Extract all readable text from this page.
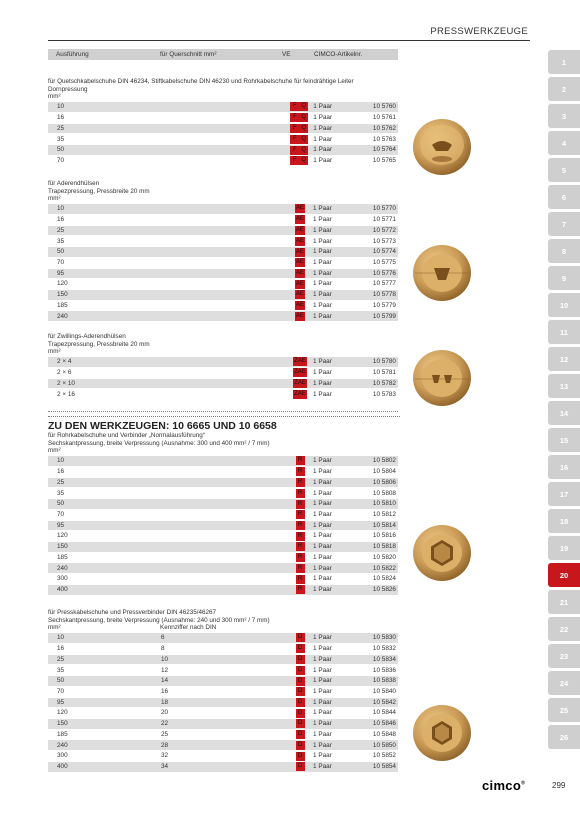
PRESSWERKZEUGE
Ausführung	für Querschnitt mm²	VE	CIMCO-Artikelnr.
für Quetschkabelschuhe DIN 46234, Stiftkabelschuhe DIN 46230 und Rohrkabelschuhe für feindrähtige Leiter
Dornpressung
mm²
10			F Q	1 Paar	10 5760
16			F Q	1 Paar	10 5761
25			F Q	1 Paar	10 5762
35			F Q	1 Paar	10 5763
50			F Q	1 Paar	10 5764
70			F Q	1 Paar	10 5765
für Aderendhülsen
Trapezpressung, Pressbreite 20 mm
mm²
10			AE	1 Paar	10 5770
16			AE	1 Paar	10 5771
25			AE	1 Paar	10 5772
35			AE	1 Paar	10 5773
50			AE	1 Paar	10 5774
70			AE	1 Paar	10 5775
95			AE	1 Paar	10 5776
120			AE	1 Paar	10 5777
150			AE	1 Paar	10 5778
185			AE	1 Paar	10 5779
240			AE	1 Paar	10 5799
für Zwillings-Aderendhülsen
Trapezpressung, Pressbreite 20 mm
mm²
2 × 4			ZAE	1 Paar	10 5780
2 × 6			ZAE	1 Paar	10 5781
2 × 10			ZAE	1 Paar	10 5782
2 × 16			ZAE	1 Paar	10 5783
ZU DEN WERKZEUGEN: 10 6665 UND 10 6658
für Rohrkabelschuhe und Verbinder „Normalausführung“
Sechskantpressung, breite Verpressung (Ausnahme: 300 und 400 mm² / 7 mm)
mm²
10			R	1 Paar	10 5802
16			R	1 Paar	10 5804
25			R	1 Paar	10 5806
35			R	1 Paar	10 5808
50			R	1 Paar	10 5810
70			R	1 Paar	10 5812
95			R	1 Paar	10 5814
120			R	1 Paar	10 5816
150			R	1 Paar	10 5818
185			R	1 Paar	10 5820
240			R	1 Paar	10 5822
300			R	1 Paar	10 5824
400			R	1 Paar	10 5826
für Presskabelschuhe und Pressverbinder DIN 46235/46267
Sechskantpressung, breite Verpressung (Ausnahme: 240 und 300 mm² / 7 mm)
mm²	Kennziffer nach DIN
10	6		D	1 Paar	10 5830
16	8		D	1 Paar	10 5832
25	10		D	1 Paar	10 5834
35	12		D	1 Paar	10 5836
50	14		D	1 Paar	10 5838
70	16		D	1 Paar	10 5840
95	18		D	1 Paar	10 5842
120	20		D	1 Paar	10 5844
150	22		D	1 Paar	10 5846
185	25		D	1 Paar	10 5848
240	28		D	1 Paar	10 5850
300	32		D	1 Paar	10 5852
400	34		D	1 Paar	10 5854
1
2
3
4
5
6
7
8
9
10
11
12
13
14
15
16
17
18
19
20
21
22
23
24
25
26
cimco®	299
